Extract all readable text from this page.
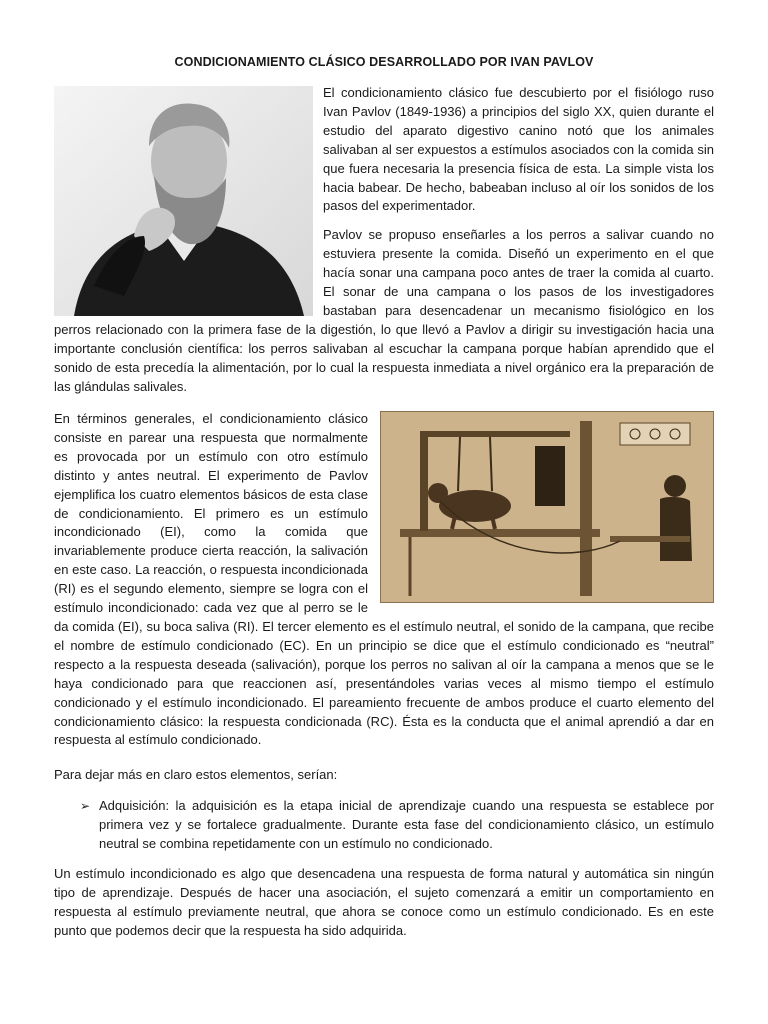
CONDICIONAMIENTO CLÁSICO DESARROLLADO POR IVAN PAVLOV

El condicionamiento clásico fue descubierto por el fisiólogo ruso Ivan Pavlov (1849-1936) a principios del siglo XX, quien durante el estudio del aparato digestivo canino notó que los animales salivaban al ser expuestos a estímulos asociados con la comida sin que fuera necesaria la presencia física de esta. La simple vista los hacia babear. De hecho, babeaban incluso al oír los sonidos de los pasos del experimentador.

Pavlov se propuso enseñarles a los perros a salivar cuando no estuviera presente la comida. Diseñó un experimento en el que hacía sonar una campana poco antes de traer la comida al cuarto. El sonar de una campana o los pasos de los investigadores bastaban para desencadenar un mecanismo fisiológico en los perros relacionado con la primera fase de la digestión, lo que llevó a Pavlov a dirigir su investigación hacia una importante conclusión científica: los perros salivaban al escuchar la campana porque habían aprendido que el sonido de esta precedía la alimentación, por lo cual la respuesta inmediata a nivel orgánico era la preparación de las glándulas salivales.

En términos generales, el condicionamiento clásico consiste en parear una respuesta que normalmente es provocada por un estímulo con otro estímulo distinto y antes neutral. El experimento de Pavlov ejemplifica los cuatro elementos básicos de esta clase de condicionamiento. El primero es un estímulo incondicionado (EI), como la comida que invariablemente produce cierta reacción, la salivación en este caso. La reacción, o respuesta incondicionada (RI) es el segundo elemento, siempre se logra con el estímulo incondicionado: cada vez que al perro se le da comida (EI), su boca saliva (RI). El tercer elemento es el estímulo neutral, el sonido de la campana, que recibe el nombre de estímulo condicionado (EC). En un principio se dice que el estímulo condicionado es “neutral” respecto a la respuesta deseada (salivación), porque los perros no salivan al oír la campana a menos que se le haya condicionado para que reaccionen así, presentándoles varias veces al mismo tiempo el estímulo condicionado y el estímulo incondicionado. El pareamiento frecuente de ambos produce el cuarto elemento del condicionamiento clásico: la respuesta condicionada (RC). Ésta es la conducta que el animal aprendió a dar en respuesta al estímulo condicionado.

Para dejar más en claro estos elementos, serían:

➢ Adquisición: la adquisición es la etapa inicial de aprendizaje cuando una respuesta se establece por primera vez y se fortalece gradualmente. Durante esta fase del condicionamiento clásico, un estímulo neutral se combina repetidamente con un estímulo no condicionado.

Un estímulo incondicionado es algo que desencadena una respuesta de forma natural y automática sin ningún tipo de aprendizaje. Después de hacer una asociación, el sujeto comenzará a emitir un comportamiento en respuesta al estímulo previamente neutral, que ahora se conoce como un estímulo condicionado. Es en este punto que podemos decir que la respuesta ha sido adquirida.
